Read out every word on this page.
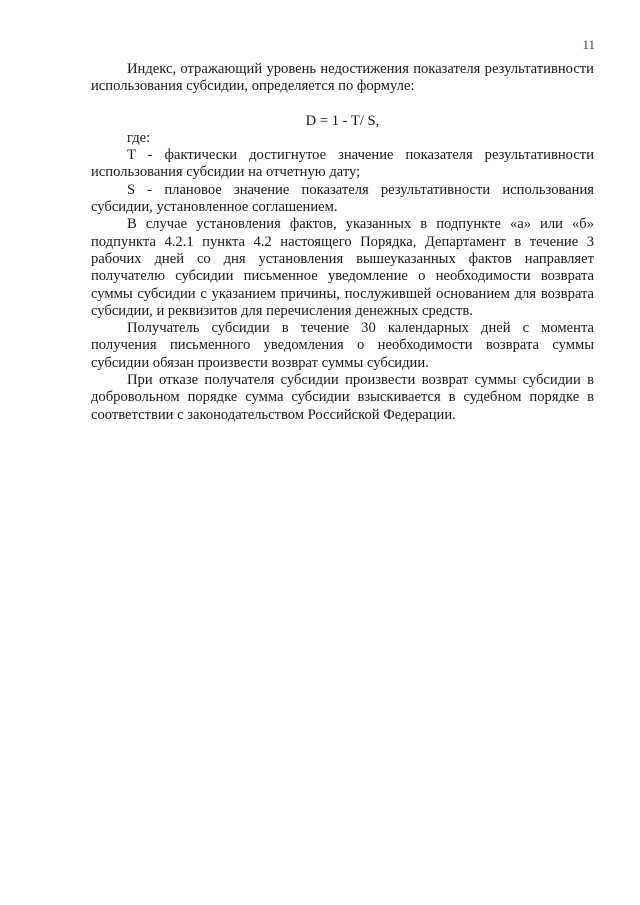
11

Индекс, отражающий уровень недостижения показателя результативности использования субсидии, определяется по формуле:

D = 1 - T/ S,

где:

T - фактически достигнутое значение показателя результативности использования субсидии на отчетную дату;

S - плановое значение показателя результативности использования субсидии, установленное соглашением.

В случае установления фактов, указанных в подпункте «а» или «б» подпункта 4.2.1 пункта 4.2 настоящего Порядка, Департамент в течение 3 рабочих дней со дня установления вышеуказанных фактов направляет получателю субсидии письменное уведомление о необходимости возврата суммы субсидии с указанием причины, послужившей основанием для возврата субсидии, и реквизитов для перечисления денежных средств.

Получатель субсидии в течение 30 календарных дней с момента получения письменного уведомления о необходимости возврата суммы субсидии обязан произвести возврат суммы субсидии.

При отказе получателя субсидии произвести возврат суммы субсидии в добровольном порядке сумма субсидии взыскивается в судебном порядке в соответствии с законодательством Российской Федерации.
